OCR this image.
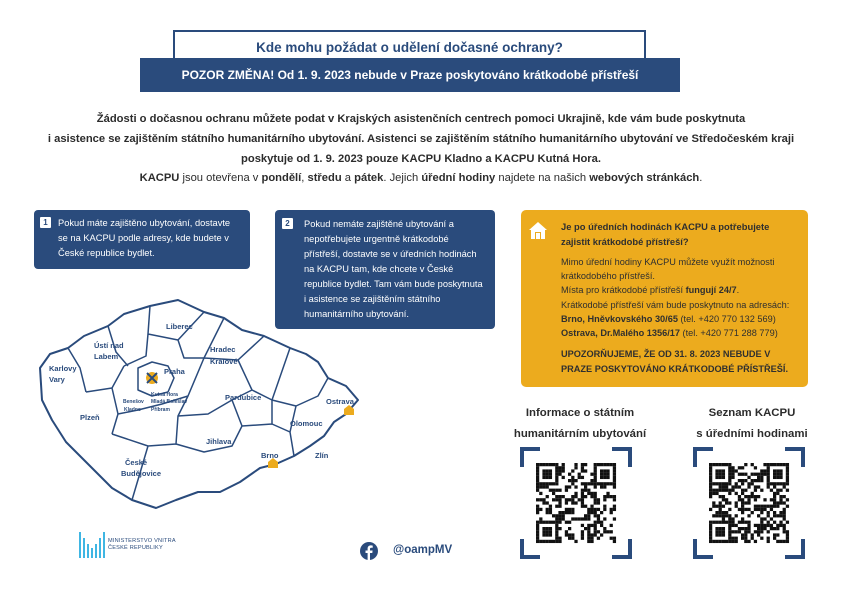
Kde mohu požádat o udělení dočasné ochrany?
POZOR ZMĚNA! Od 1. 9. 2023 nebude v Praze poskytováno krátkodobé přístřeší

Žádosti o dočasnou ochranu můžete podat v Krajských asistenčních centrech pomoci Ukrajině, kde vám bude poskytnuta

i asistence se zajištěním státního humanitárního ubytování. Asistenci se zajištěním státního humanitárního ubytování ve Středočeském kraji

poskytuje od 1. 9. 2023 pouze KACPU Kladno a KACPU Kutná Hora.

KACPU jsou otevřena v pondělí, středu a pátek. Jejich úřední hodiny najdete na našich webových stránkách.
1	Pokud máte zajištěno ubytování, dostavte se na KACPU podle adresy, kde budete v České republice bydlet.
2	Pokud nemáte zajištěné ubytování a nepotřebujete urgentně krátkodobé přístřeší, dostavte se v úředních hodinách na KACPU tam, kde chcete v České republice bydlet. Tam vám bude poskytnuta i asistence se zajištěním státního humanitárního ubytování.
Je po úředních hodinách KACPU a potřebujete zajistit krátkodobé přístřeší?
Mimo úřední hodiny KACPU můžete využít možnosti
krátkodobého přístřeší.
Místa pro krátkodobé přístřeší fungují 24/7.
Krátkodobé přístřeší vám bude poskytnuto na adresách:
Brno, Hněvkovského 30/65 (tel. +420 770 132 569)
Ostrava, Dr.Malého 1356/17 (tel. +420 771 288 779)
UPOZORŇUJEME, ŽE OD 31. 8. 2023 NEBUDE V PRAZE POSKYTOVÁNO KRÁTKODOBÉ PŘÍSTŘEŠÍ.
Liberec
Ústí nad
Labem
Karlovy
Vary
Hradec
Králové
Praha
Plzeň
Pardubice	Ostrava
Olomouc
Jihlava
Brno	Zlín
České
Budějovice
Kutná Hora
Mladá Boleslav
Benešov
Kladno Příbram	Informace o státním
humanitárním ubytování
Seznam KACPU
s úředními hodinami
MINISTERSTVO VNITRA
ČESKÉ REPUBLIKY	@oampMV
